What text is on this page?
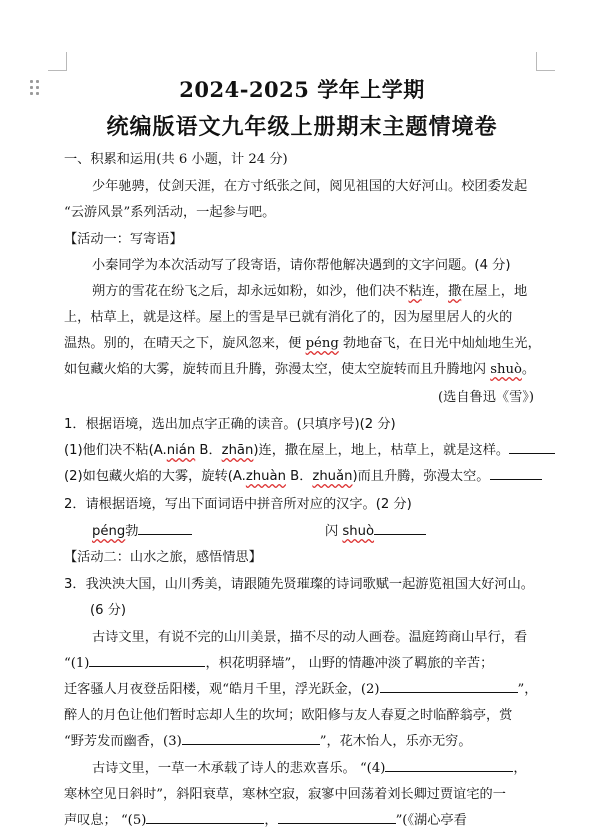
2024-2025 学年上学期
统编版语文九年级上册期末主题情境卷
一、积累和运用(共 6 小题，计 24 分)
少年驰骋，仗剑天涯，在方寸纸张之间，阅见祖国的大好河山。校团委发起
“云游风景”系列活动，一起参与吧。
【活动一：写寄语】
小秦同学为本次活动写了段寄语，请你帮他解决遇到的文字问题。(4 分)
朔方的雪花在纷飞之后，却永远如粉，如沙，他们决不粘连，撒在屋上，地
上，枯草上，就是这样。屋上的雪是早已就有消化了的，因为屋里居人的火的
温热。别的，在晴天之下，旋风忽来，便 péng 勃地奋飞，在日光中灿灿地生光，
如包藏火焰的大雾，旋转而且升腾，弥漫太空，使太空旋转而且升腾地闪 shuò。
(选自鲁迅《雪》)
1．根据语境，选出加点字正确的读音。(只填序号)(2 分)
(1)他们决不粘(A.nián B．zhān)连，撒在屋上，地上，枯草上，就是这样。
(2)如包藏火焰的大雾，旋转(A.zhuàn B．zhuǎn)而且升腾，弥漫太空。
2．请根据语境，写出下面词语中拼音所对应的汉字。(2 分)
péng勃	闪 shuò
【活动二：山水之旅，感悟情思】
3．我泱泱大国，山川秀美，请跟随先贤璀璨的诗词歌赋一起游览祖国大好河山。
(6 分)
古诗文里，有说不完的山川美景，描不尽的动人画卷。温庭筠商山早行，看
“(1)	，枳花明驿墙”， 山野的情趣冲淡了羁旅的辛苦；
迁客骚人月夜登岳阳楼，观“皓月千里，浮光跃金，(2)	”，
醉人的月色让他们暂时忘却人生的坎坷；欧阳修与友人春夏之时临醉翁亭，赏
“野芳发而幽香，(3)	”，花木怡人，乐亦无穷。
古诗文里，一草一木承载了诗人的悲欢喜乐。 “(4)	，
寒林空见日斜时”，斜阳衰草，寒林空寂，寂寥中回荡着刘长卿过贾谊宅的一
声叹息； “(5)	，	”(《湖心亭看
